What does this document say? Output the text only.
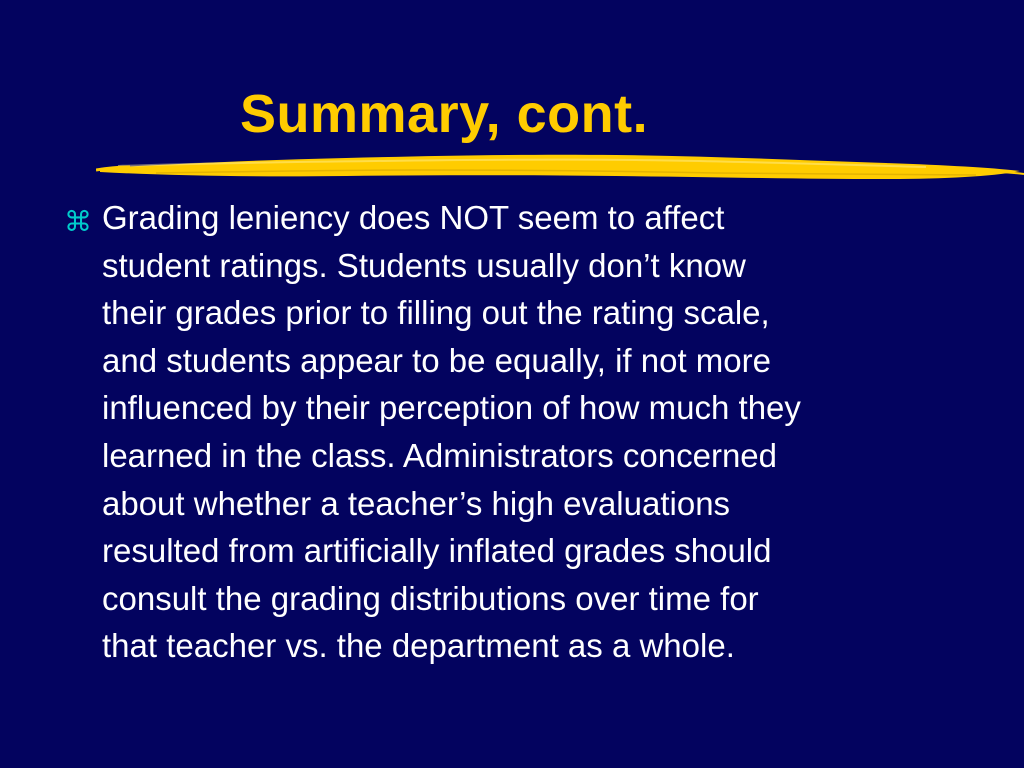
Summary, cont.
⌘ Grading leniency does NOT seem to affect
student ratings. Students usually don’t know
their grades prior to filling out the rating scale,
and students appear to be equally, if not more
influenced by their perception of how much they
learned in the class. Administrators concerned
about whether a teacher’s high evaluations
resulted from artificially inflated grades should
consult the grading distributions over time for
that teacher vs. the department as a whole.
